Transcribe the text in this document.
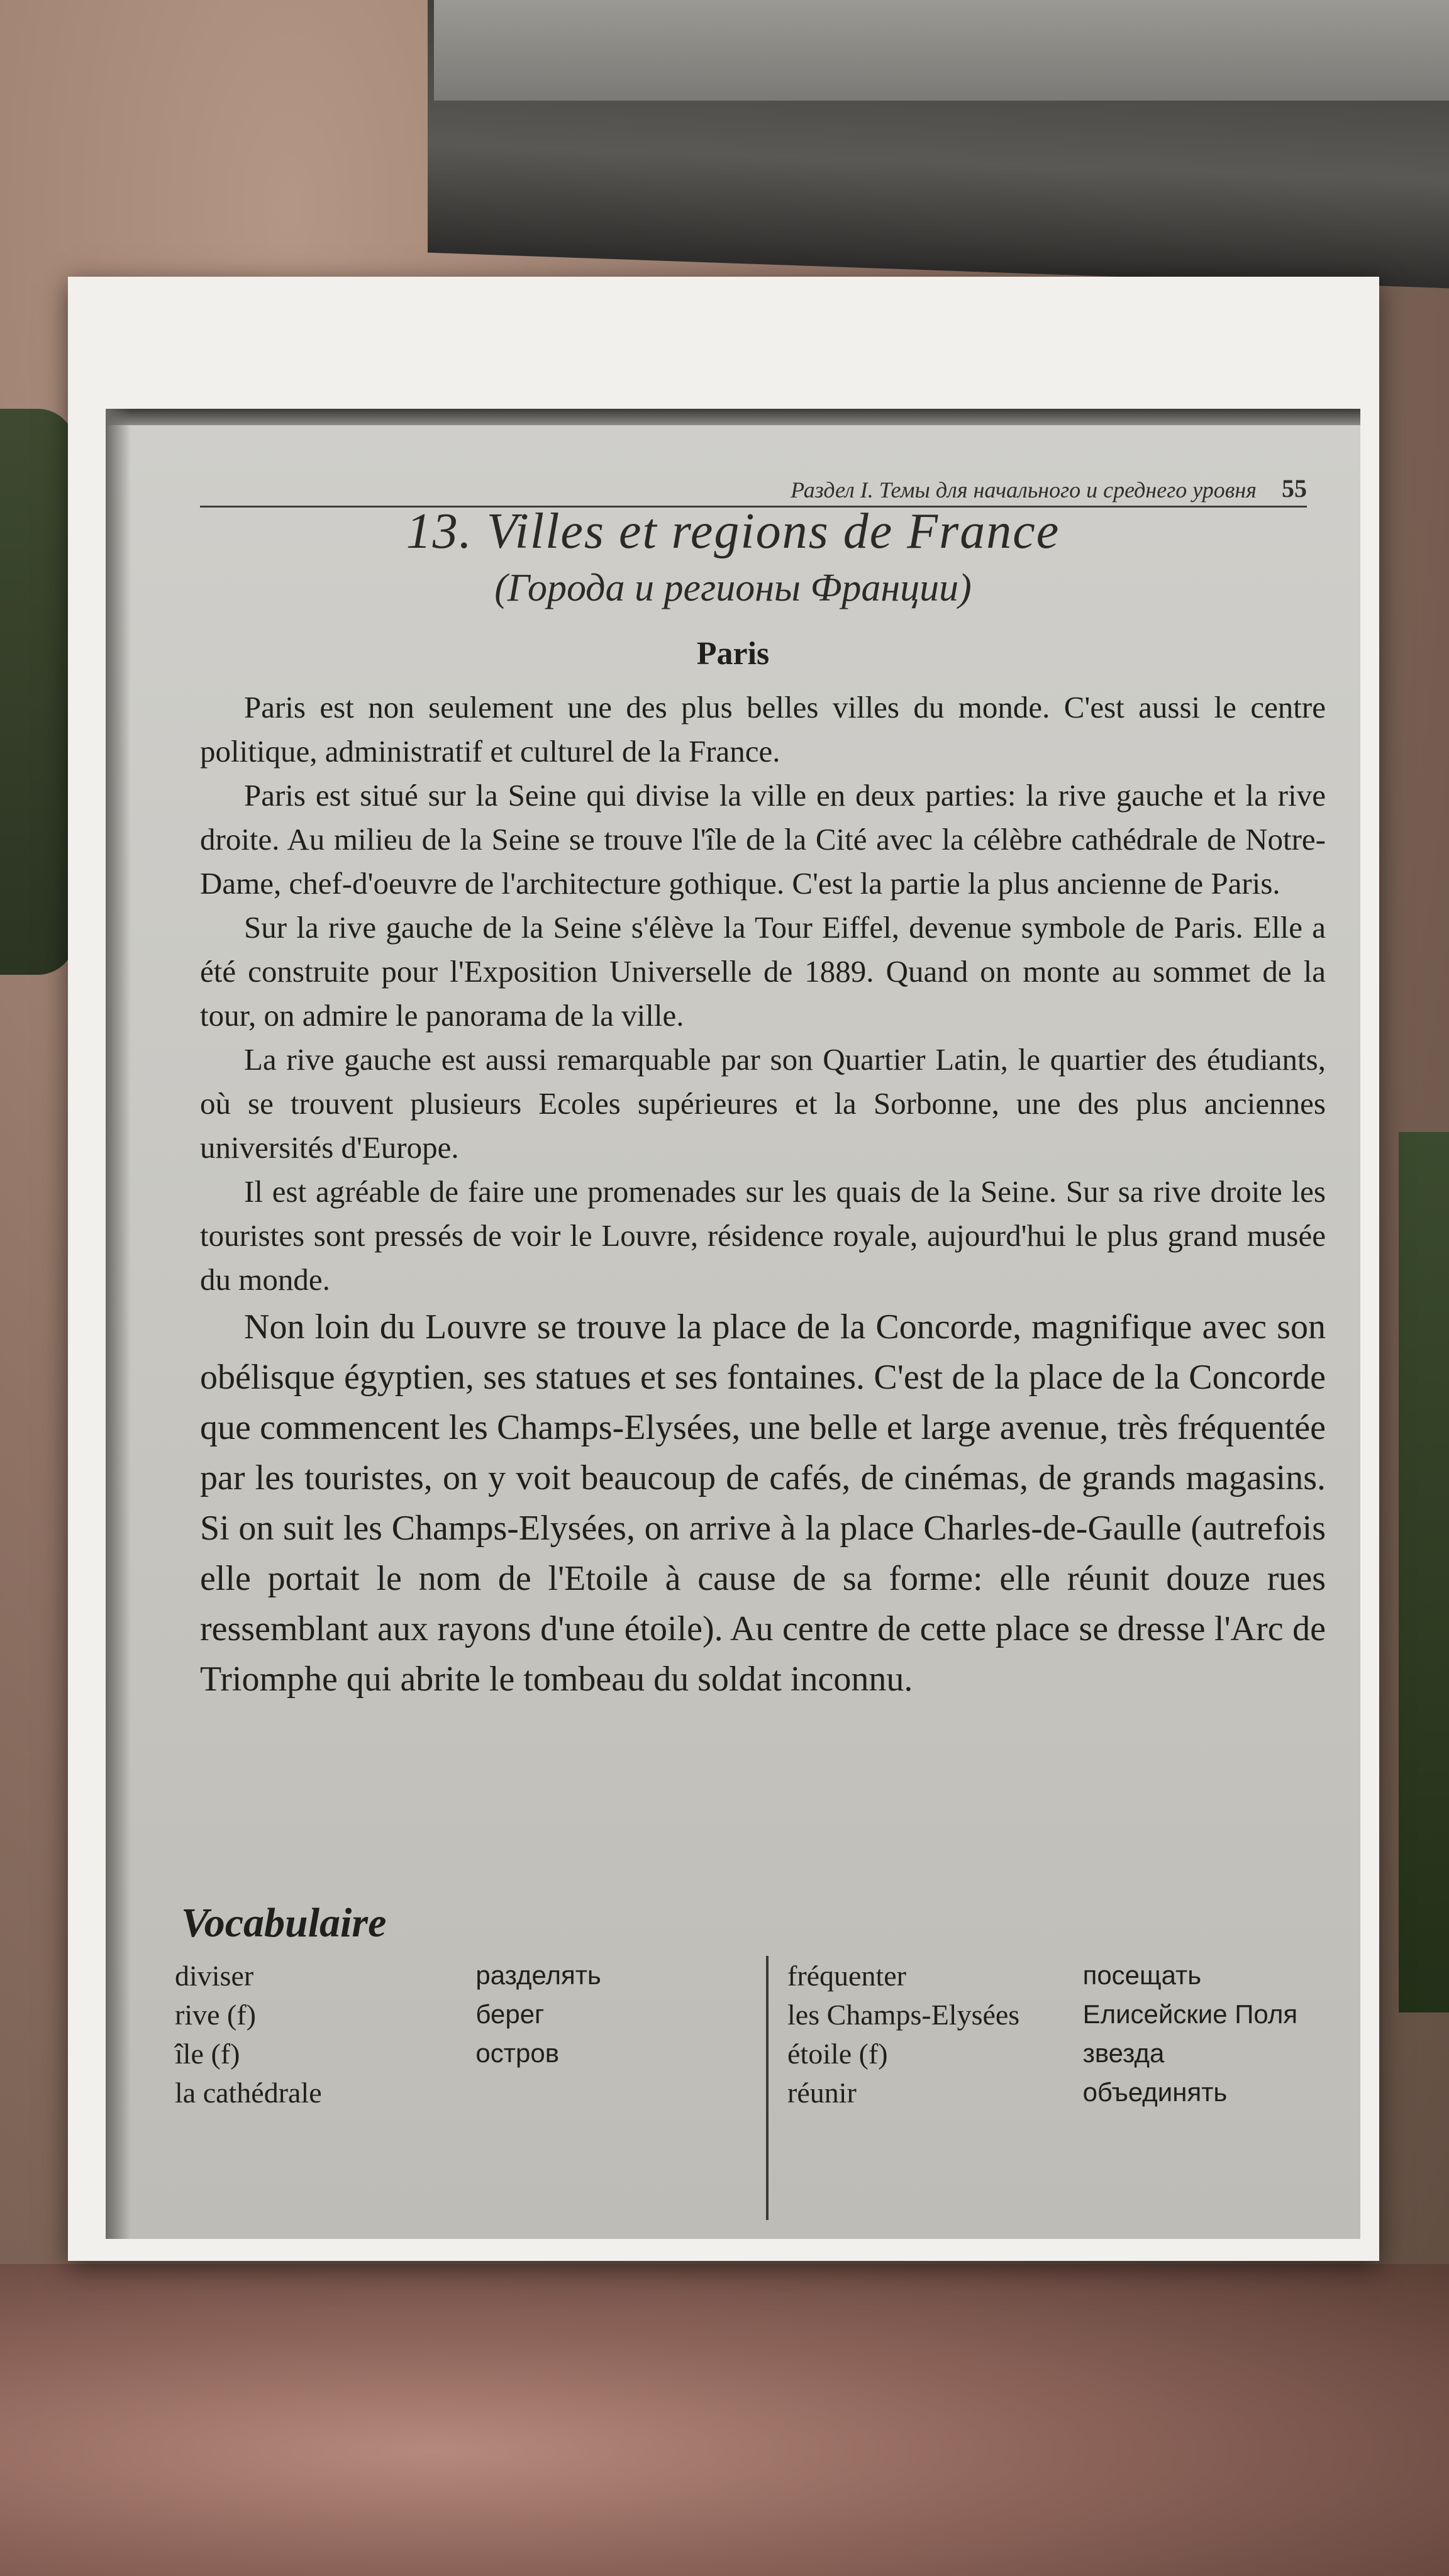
Раздел I. Темы для начального и среднего уровня 55
13. Villes et regions de France
(Города и регионы Франции)
Paris

Paris est non seulement une des plus belles villes du monde. C'est aussi le centre politique, administratif et culturel de la France.

Paris est situé sur la Seine qui divise la ville en deux parties: la rive gauche et la rive droite. Au milieu de la Seine se trouve l'île de la Cité avec la célèbre cathédrale de Notre-Dame, chef-d'oeuvre de l'architecture gothique. C'est la partie la plus ancienne de Paris.

Sur la rive gauche de la Seine s'élève la Tour Eiffel, devenue symbole de Paris. Elle a été construite pour l'Exposition Universelle de 1889. Quand on monte au sommet de la tour, on admire le panorama de la ville.

La rive gauche est aussi remarquable par son Quartier Latin, le quartier des étudiants, où se trouvent plusieurs Ecoles supérieures et la Sorbonne, une des plus anciennes universités d'Europe.

Il est agréable de faire une promenades sur les quais de la Seine. Sur sa rive droite les touristes sont pressés de voir le Louvre, résidence royale, aujourd'hui le plus grand musée du monde.

Non loin du Louvre se trouve la place de la Concorde, magnifique avec son obélisque égyptien, ses statues et ses fontaines. C'est de la place de la Concorde que commencent les Champs-Elysées, une belle et large avenue, très fréquentée par les touristes, on y voit beaucoup de cafés, de cinémas, de grands magasins. Si on suit les Champs-Elysées, on arrive à la place Charles-de-Gaulle (autrefois elle portait le nom de l'Etoile à cause de sa forme: elle réunit douze rues ressemblant aux rayons d'une étoile). Au centre de cette place se dresse l'Arc de Triomphe qui abrite le tombeau du soldat inconnu.

Vocabulaire
diviser	разделять
rive (f)	берег
île (f)	остров
la cathédrale
fréquenter	посещать
les Champs-Elysées	Елисейские Поля
étoile (f)	звезда
réunir	объединять
